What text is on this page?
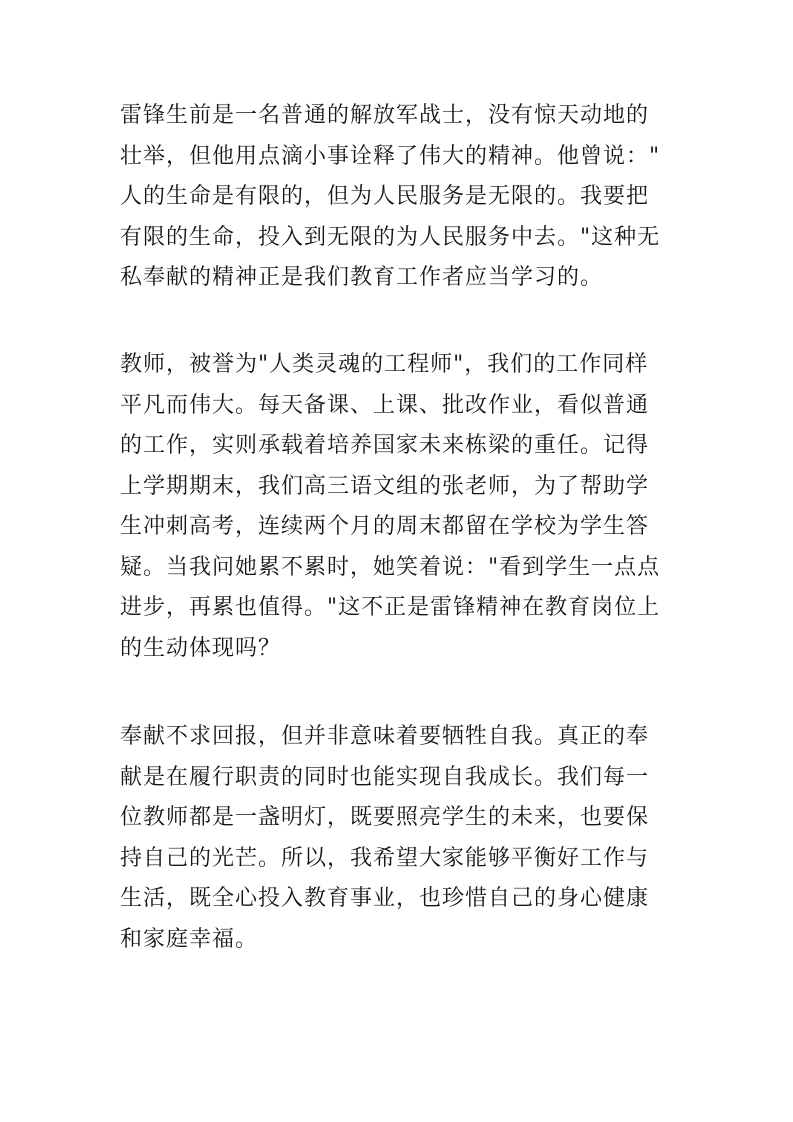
雷锋生前是一名普通的解放军战士，没有惊天动地的
壮举，但他用点滴小事诠释了伟大的精神。他曾说："
人的生命是有限的，但为人民服务是无限的。我要把
有限的生命，投入到无限的为人民服务中去。"这种无
私奉献的精神正是我们教育工作者应当学习的。
教师，被誉为"人类灵魂的工程师"，我们的工作同样
平凡而伟大。每天备课、上课、批改作业，看似普通
的工作，实则承载着培养国家未来栋梁的重任。记得
上学期期末，我们高三语文组的张老师，为了帮助学
生冲刺高考，连续两个月的周末都留在学校为学生答
疑。当我问她累不累时，她笑着说："看到学生一点点
进步，再累也值得。"这不正是雷锋精神在教育岗位上
的生动体现吗？
奉献不求回报，但并非意味着要牺牲自我。真正的奉
献是在履行职责的同时也能实现自我成长。我们每一
位教师都是一盏明灯，既要照亮学生的未来，也要保
持自己的光芒。所以，我希望大家能够平衡好工作与
生活，既全心投入教育事业，也珍惜自己的身心健康
和家庭幸福。
